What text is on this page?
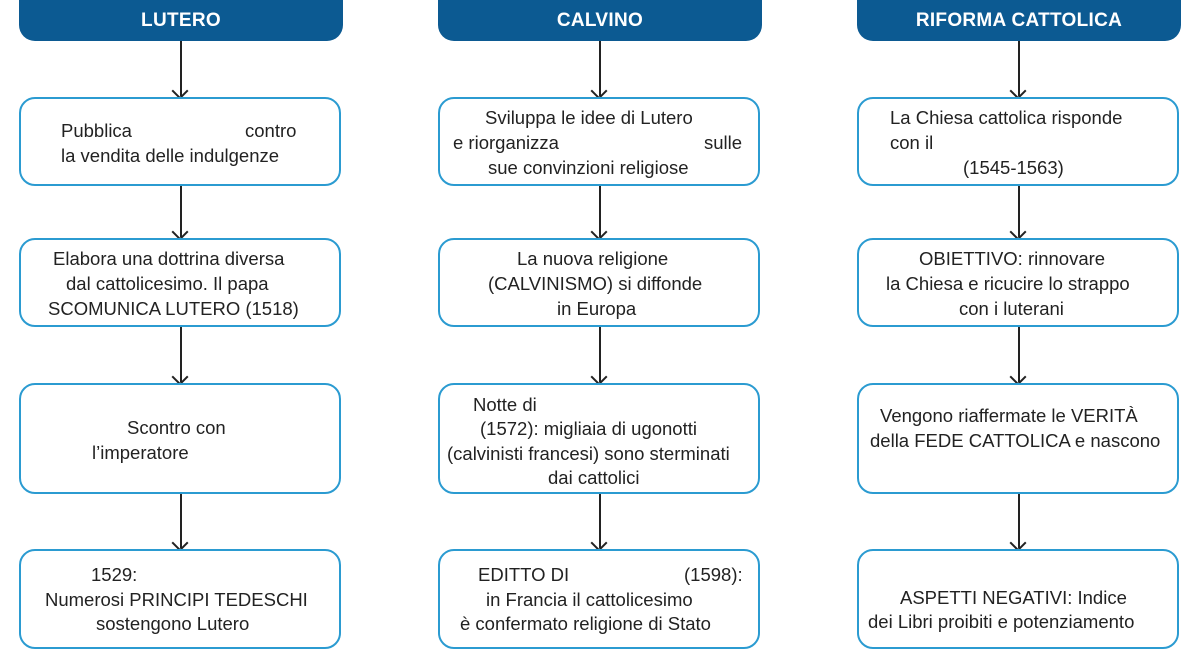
LUTERO
Pubblica	contro
la vendita delle indulgenze
Elabora una dottrina diversa
dal cattolicesimo. Il papa
SCOMUNICA LUTERO (1518)
Scontro con
l’imperatore
1529:
Numerosi PRINCIPI TEDESCHI
sostengono Lutero
CALVINO
Sviluppa le idee di Lutero
e riorganizza	sulle
sue convinzioni religiose
La nuova religione
(CALVINISMO) si diffonde
in Europa
Notte di
(1572): migliaia di ugonotti
(calvinisti francesi) sono sterminati
dai cattolici
EDITTO DI	(1598):
in Francia il cattolicesimo
è confermato religione di Stato
RIFORMA CATTOLICA
La Chiesa cattolica risponde
con il
(1545-1563)
OBIETTIVO: rinnovare
la Chiesa e ricucire lo strappo
con i luterani
Vengono riaffermate le VERITÀ
della FEDE CATTOLICA e nascono
ASPETTI NEGATIVI: Indice
dei Libri proibiti e potenziamento
